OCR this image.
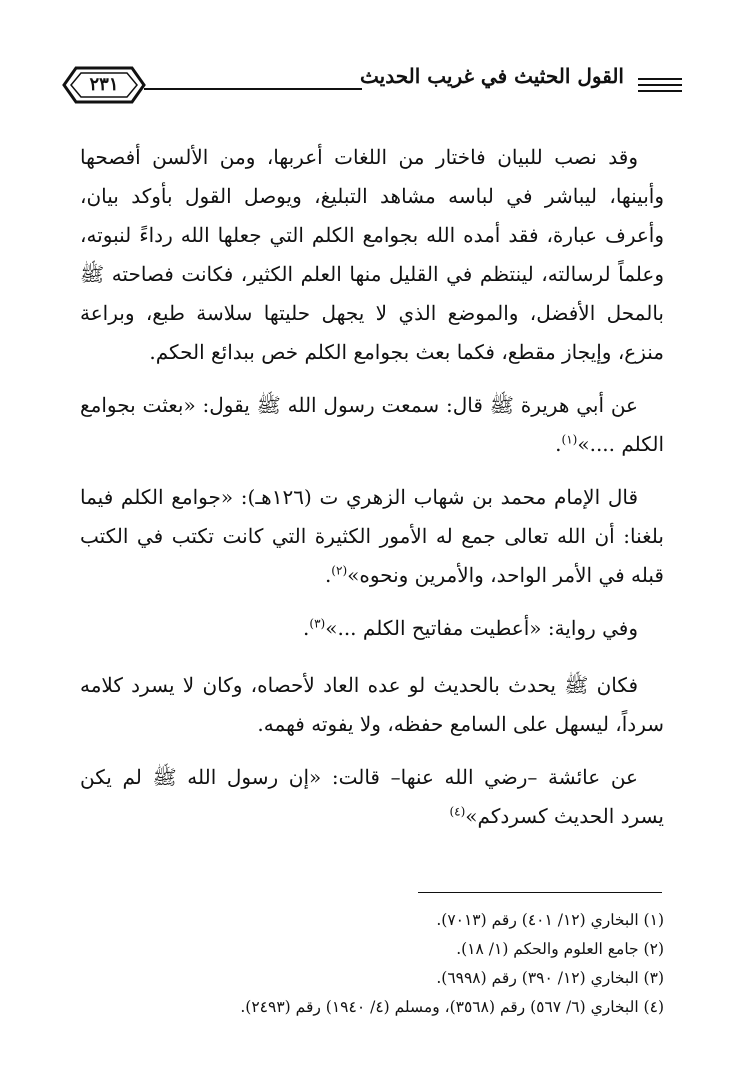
٢٣١	القول الحثيث في غريب الحديث

وقد نصب للبيان فاختار من اللغات أعربها، ومن الألسن أفصحها وأبينها، ليباشر في لباسه مشاهد التبليغ، ويوصل القول بأوكد بيان، وأعرف عبارة، فقد أمده الله بجوامع الكلم التي جعلها الله رداءً لنبوته، وعلماً لرسالته، لينتظم في القليل منها العلم الكثير، فكانت فصاحته ﷺ بالمحل الأفضل، والموضع الذي لا يجهل حليتها سلاسة طبع، وبراعة منزع، وإيجاز مقطع، فكما بعث بجوامع الكلم خص ببدائع الحكم.

عن أبي هريرة ﷺ قال: سمعت رسول الله ﷺ يقول: «بعثت بجوامع الكلم ....»$^{(١)}$.

قال الإمام محمد بن شهاب الزهري ت (١٢٦هـ): «جوامع الكلم فيما بلغنا: أن الله تعالى جمع له الأمور الكثيرة التي كانت تكتب في الكتب قبله في الأمر الواحد، والأمرين ونحوه»$^{(٢)}$.

وفي رواية: «أعطيت مفاتيح الكلم ...»$^{(٣)}$.

فكان ﷺ يحدث بالحديث لو عده العاد لأحصاه، وكان لا يسرد كلامه سرداً، ليسهل على السامع حفظه، ولا يفوته فهمه.

عن عائشة –رضي الله عنها– قالت: «إن رسول الله ﷺ لم يكن يسرد الحديث كسردكم»$^{(٤)}$

(١) البخاري (١٢/ ٤٠١) رقم (٧٠١٣).
(٢) جامع العلوم والحكم (١/ ١٨).
(٣) البخاري (١٢/ ٣٩٠) رقم (٦٩٩٨).
(٤) البخاري (٦/ ٥٦٧) رقم (٣٥٦٨)، ومسلم (٤/ ١٩٤٠) رقم (٢٤٩٣).
